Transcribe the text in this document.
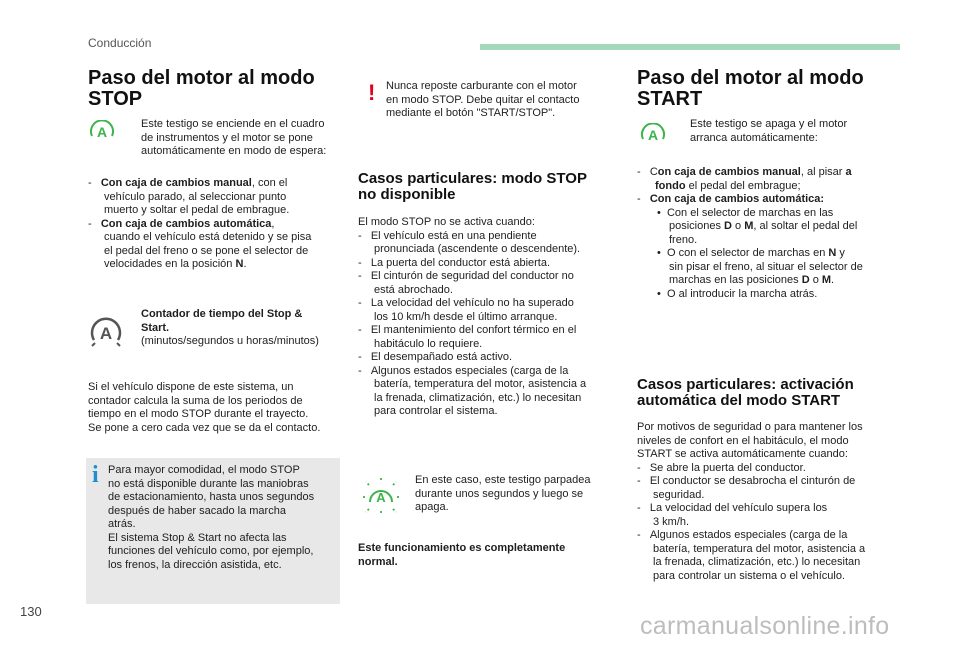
Conducción
Paso del motor al modo
STOP
A	Este testigo se enciende en el cuadro
de instrumentos y el motor se pone
automáticamente en modo de espera:
-   Con caja de cambios manual, con el
vehículo parado, al seleccionar punto
muerto y soltar el pedal de embrague.
-   Con caja de cambios automática,
cuando el vehículo está detenido y se pisa
el pedal del freno o se pone el selector de
velocidades en la posición N.
A
Contador de tiempo del Stop &
Start.
(minutos/segundos u horas/minutos)
Si el vehículo dispone de este sistema, un
contador calcula la suma de los periodos de
tiempo en el modo STOP durante el trayecto.
Se pone a cero cada vez que se da el contacto.
i Para mayor comodidad, el modo STOP
no está disponible durante las maniobras
de estacionamiento, hasta unos segundos
después de haber sacado la marcha
atrás.
El sistema Stop & Start no afecta las
funciones del vehículo como, por ejemplo,
los frenos, la dirección asistida, etc.
! Nunca reposte carburante con el motor
en modo STOP. Debe quitar el contacto
mediante el botón "START/STOP".
Casos particulares: modo STOP
no disponible
El modo STOP no se activa cuando:
-   El vehículo está en una pendiente
pronunciada (ascendente o descendente).
-   La puerta del conductor está abierta.
-   El cinturón de seguridad del conductor no
está abrochado.
-   La velocidad del vehículo no ha superado
los 10 km/h desde el último arranque.
-   El mantenimiento del confort térmico en el
habitáculo lo requiere.
-   El desempañado está activo.
-   Algunos estados especiales (carga de la
batería, temperatura del motor, asistencia a
la frenada, climatización, etc.) lo necesitan
para controlar el sistema.
A
En este caso, este testigo parpadea
durante unos segundos y luego se
apaga.
Este funcionamiento es completamente
normal.
Paso del motor al modo
START
A
Este testigo se apaga y el motor
arranca automáticamente:
-   Con caja de cambios manual, al pisar a
fondo el pedal del embrague;
-   Con caja de cambios automática:
•  Con el selector de marchas en las
posiciones D o M, al soltar el pedal del
freno.
•  O con el selector de marchas en N y
sin pisar el freno, al situar el selector de
marchas en las posiciones D o M.
•  O al introducir la marcha atrás.
Casos particulares: activación
automática del modo START
Por motivos de seguridad o para mantener los
niveles de confort en el habitáculo, el modo
START se activa automáticamente cuando:
-   Se abre la puerta del conductor.
-   El conductor se desabrocha el cinturón de
seguridad.
-   La velocidad del vehículo supera los
3 km/h.
-   Algunos estados especiales (carga de la
batería, temperatura del motor, asistencia a
la frenada, climatización, etc.) lo necesitan
para controlar un sistema o el vehículo.
130
carmanualsonline.info
